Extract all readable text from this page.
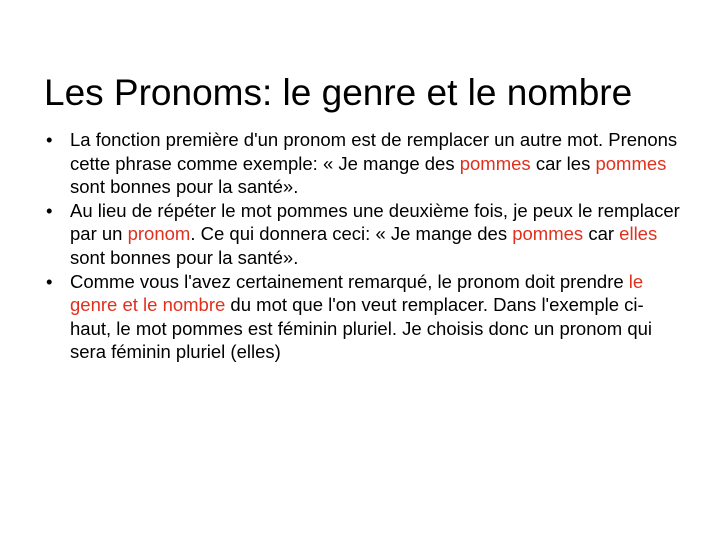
Les Pronoms: le genre et le nombre
• La fonction première d'un pronom est de remplacer un autre mot. Prenons cette phrase comme exemple: « Je mange des pommes car les pommes sont bonnes pour la santé».
• Au lieu de répéter le mot pommes une deuxième fois, je peux le remplacer par un pronom. Ce qui donnera ceci: « Je mange des pommes car elles sont bonnes pour la santé».
• Comme vous l'avez certainement remarqué, le pronom doit prendre le genre et le nombre du mot que l'on veut remplacer. Dans l'exemple ci-haut, le mot pommes est féminin pluriel. Je choisis donc un pronom qui sera féminin pluriel (elles)
